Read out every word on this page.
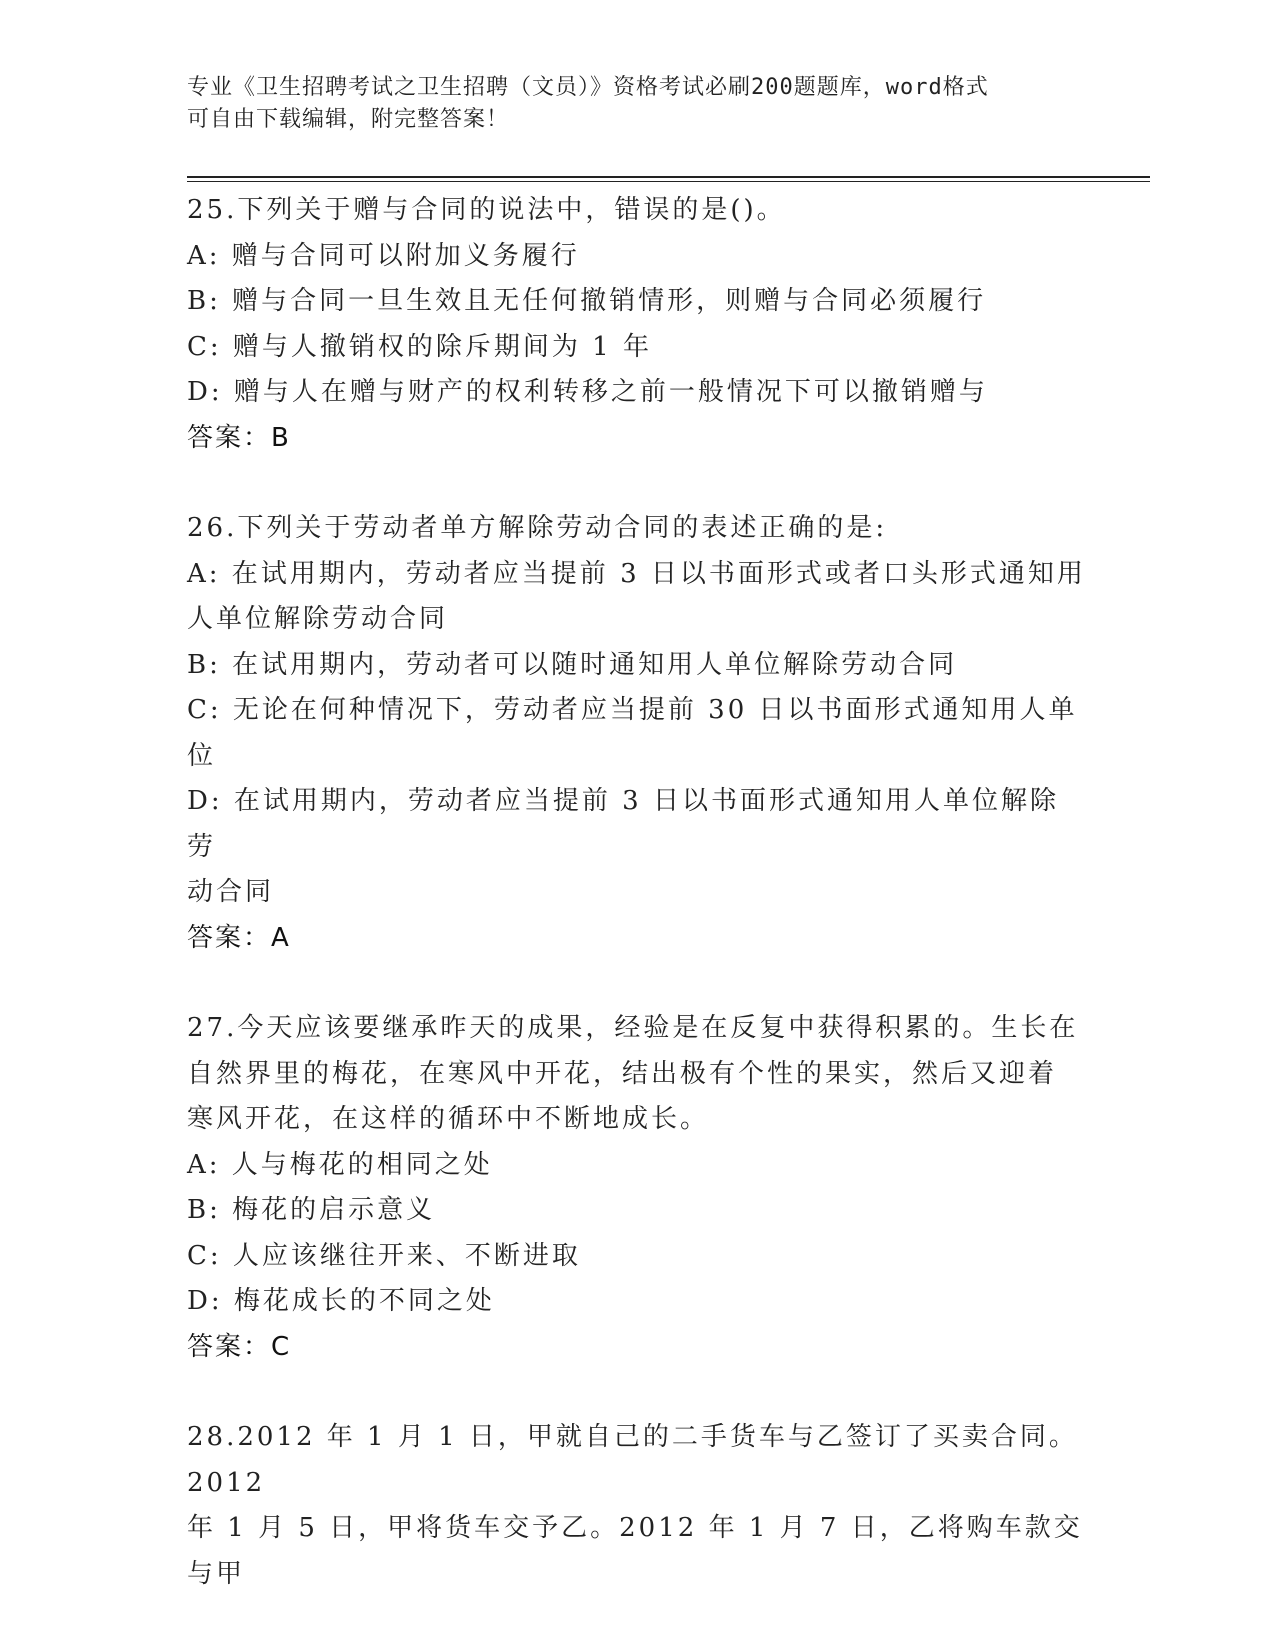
专业《卫生招聘考试之卫生招聘（文员）》资格考试必刷200题题库，word格式
可自由下载编辑，附完整答案！
25.下列关于赠与合同的说法中，错误的是()。
A: 赠与合同可以附加义务履行
B: 赠与合同一旦生效且无任何撤销情形，则赠与合同必须履行
C: 赠与人撤销权的除斥期间为 1 年
D: 赠与人在赠与财产的权利转移之前一般情况下可以撤销赠与
答案：B
26.下列关于劳动者单方解除劳动合同的表述正确的是:
A: 在试用期内，劳动者应当提前 3 日以书面形式或者口头形式通知用
人单位解除劳动合同
B: 在试用期内，劳动者可以随时通知用人单位解除劳动合同
C: 无论在何种情况下，劳动者应当提前 30 日以书面形式通知用人单
位
D: 在试用期内，劳动者应当提前 3 日以书面形式通知用人单位解除劳
动合同
答案：A
27.今天应该要继承昨天的成果，经验是在反复中获得积累的。生长在
自然界里的梅花，在寒风中开花，结出极有个性的果实，然后又迎着
寒风开花，在这样的循环中不断地成长。
A: 人与梅花的相同之处
B: 梅花的启示意义
C: 人应该继往开来、不断进取
D: 梅花成长的不同之处
答案：C
28.2012 年 1 月 1 日，甲就自己的二手货车与乙签订了买卖合同。2012
年 1 月 5 日，甲将货车交予乙。2012 年 1 月 7 日，乙将购车款交与甲
